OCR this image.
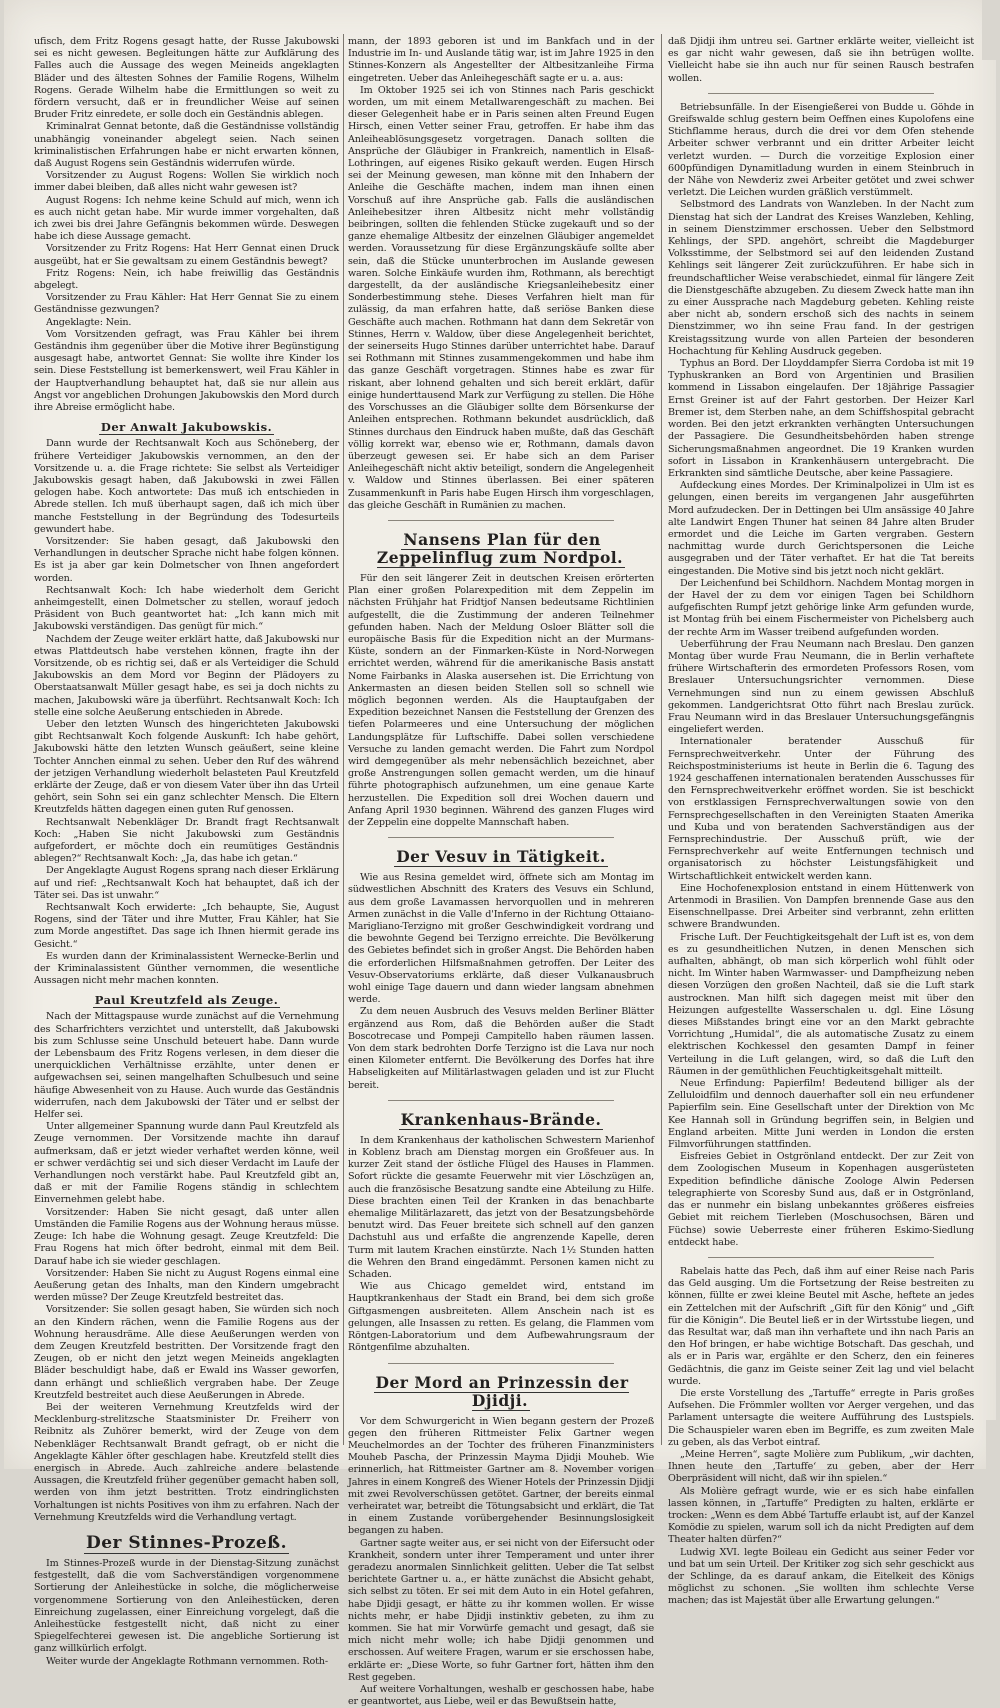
ufisch, dem Fritz Rogens gesagt hatte, der Russe Jakubowski sei es nicht gewesen. Begleitungen hätte zur Aufklärung des Falles auch die Aussage des wegen Meineids angeklagten Bläder und des ältesten Sohnes der Familie Rogens, Wilhelm Rogens. Gerade Wilhelm habe die Ermittlungen so weit zu fördern versucht, daß er in freundlicher Weise auf seinen Bruder Fritz einredete, er solle doch ein Geständnis ablegen.

Kriminalrat Gennat betonte, daß die Geständnisse vollständig unabhängig voneinander abgelegt seien. Nach seinen kriminalistischen Erfahrungen habe er nicht erwarten können, daß August Rogens sein Geständnis widerrufen würde.

Vorsitzender zu August Rogens: Wollen Sie wirklich noch immer dabei bleiben, daß alles nicht wahr gewesen ist?

August Rogens: Ich nehme keine Schuld auf mich, wenn ich es auch nicht getan habe. Mir wurde immer vorgehalten, daß ich zwei bis drei Jahre Gefängnis bekommen würde. Deswegen habe ich diese Aussage gemacht.

Vorsitzender zu Fritz Rogens: Hat Herr Gennat einen Druck ausgeübt, hat er Sie gewaltsam zu einem Geständnis bewegt?

Fritz Rogens: Nein, ich habe freiwillig das Geständnis abgelegt.

Vorsitzender zu Frau Kähler: Hat Herr Gennat Sie zu einem Geständnisse gezwungen?

Angeklagte: Nein.

Vom Vorsitzenden gefragt, was Frau Kähler bei ihrem Geständnis ihm gegenüber über die Motive ihrer Begünstigung ausgesagt habe, antwortet Gennat: Sie wollte ihre Kinder los sein. Diese Feststellung ist bemerkenswert, weil Frau Kähler in der Hauptverhandlung behauptet hat, daß sie nur allein aus Angst vor angeblichen Drohungen Jakubowskis den Mord durch ihre Abreise ermöglicht habe.

Der Anwalt Jakubowskis.

Dann wurde der Rechtsanwalt Koch aus Schöneberg, der frühere Verteidiger Jakubowskis vernommen, an den der Vorsitzende u. a. die Frage richtete: Sie selbst als Verteidiger Jakubowskis gesagt haben, daß Jakubowski in zwei Fällen gelogen habe. Koch antwortete: Das muß ich entschieden in Abrede stellen. Ich muß überhaupt sagen, daß ich mich über manche Feststellung in der Begründung des Todesurteils gewundert habe.

Vorsitzender: Sie haben gesagt, daß Jakubowski den Verhandlungen in deutscher Sprache nicht habe folgen können. Es ist ja aber gar kein Dolmetscher von Ihnen angefordert worden.

Rechtsanwalt Koch: Ich habe wiederholt dem Gericht anheimgestellt, einen Dolmetscher zu stellen, worauf jedoch Präsident von Buch geantwortet hat: „Ich kann mich mit Jakubowski verständigen. Das genügt für mich.“

Nachdem der Zeuge weiter erklärt hatte, daß Jakubowski nur etwas Plattdeutsch habe verstehen können, fragte ihn der Vorsitzende, ob es richtig sei, daß er als Verteidiger die Schuld Jakubowskis an dem Mord vor Beginn der Plädoyers zu Oberstaatsanwalt Müller gesagt habe, es sei ja doch nichts zu machen, Jakubowski wäre ja überführt. Rechtsanwalt Koch: Ich stelle eine solche Aeußerung entschieden in Abrede.

Ueber den letzten Wunsch des hingerichteten Jakubowski gibt Rechtsanwalt Koch folgende Auskunft: Ich habe gehört, Jakubowski hätte den letzten Wunsch geäußert, seine kleine Tochter Annchen einmal zu sehen. Ueber den Ruf des während der jetzigen Verhandlung wiederholt belasteten Paul Kreutzfeld erklärte der Zeuge, daß er von diesem Vater über ihn das Urteil gehört, sein Sohn sei ein ganz schlechter Mensch. Die Eltern Kreutzfelds hätten dagegen einen guten Ruf genossen.

Rechtsanwalt Nebenkläger Dr. Brandt fragt Rechtsanwalt Koch: „Haben Sie nicht Jakubowski zum Geständnis aufgefordert, er möchte doch ein reumütiges Geständnis ablegen?“ Rechtsanwalt Koch: „Ja, das habe ich getan.“

Der Angeklagte August Rogens sprang nach dieser Erklärung auf und rief: „Rechtsanwalt Koch hat behauptet, daß ich der Täter sei. Das ist unwahr.“

Rechtsanwalt Koch erwiderte: „Ich behaupte, Sie, August Rogens, sind der Täter und ihre Mutter, Frau Kähler, hat Sie zum Morde angestiftet. Das sage ich Ihnen hiermit gerade ins Gesicht.“

Es wurden dann der Kriminalassistent Wernecke-Berlin und der Kriminalassistent Günther vernommen, die wesentliche Aussagen nicht mehr machen konnten.

Paul Kreutzfeld als Zeuge.

Nach der Mittagspause wurde zunächst auf die Vernehmung des Scharfrichters verzichtet und unterstellt, daß Jakubowski bis zum Schlusse seine Unschuld beteuert habe. Dann wurde der Lebensbaum des Fritz Rogens verlesen, in dem dieser die unerquicklichen Verhältnisse erzählte, unter denen er aufgewachsen sei, seinen mangelhaften Schulbesuch und seine häufige Abwesenheit von zu Hause. Auch wurde das Geständnis widerrufen, nach dem Jakubowski der Täter und er selbst der Helfer sei.

Unter allgemeiner Spannung wurde dann Paul Kreutzfeld als Zeuge vernommen. Der Vorsitzende machte ihn darauf aufmerksam, daß er jetzt wieder verhaftet werden könne, weil er schwer verdächtig sei und sich dieser Verdacht im Laufe der Verhandlungen noch verstärkt habe. Paul Kreutzfeld gibt an, daß er mit der Familie Rogens ständig in schlechtem Einvernehmen gelebt habe.

Vorsitzender: Haben Sie nicht gesagt, daß unter allen Umständen die Familie Rogens aus der Wohnung heraus müsse. Zeuge: Ich habe die Wohnung gesagt. Zeuge Kreutzfeld: Die Frau Rogens hat mich öfter bedroht, einmal mit dem Beil. Darauf habe ich sie wieder geschlagen.

Vorsitzender: Haben Sie nicht zu August Rogens einmal eine Aeußerung getan des Inhalts, man den Kindern umgebracht werden müsse? Der Zeuge Kreutzfeld bestreitet das.

Vorsitzender: Sie sollen gesagt haben, Sie würden sich noch an den Kindern rächen, wenn die Familie Rogens aus der Wohnung herausdräme. Alle diese Aeußerungen werden von dem Zeugen Kreutzfeld bestritten. Der Vorsitzende fragt den Zeugen, ob er nicht den jetzt wegen Meineids angeklagten Bläder beschuldigt habe, daß er Ewald ins Wasser geworfen, dann erhängt und schließlich vergraben habe. Der Zeuge Kreutzfeld bestreitet auch diese Aeußerungen in Abrede.

Bei der weiteren Vernehmung Kreutzfelds wird der Mecklenburg-strelitzsche Staatsminister Dr. Freiherr von Reibnitz als Zuhörer bemerkt, wird der Zeuge von dem Nebenkläger Rechtsanwalt Brandt gefragt, ob er nicht die Angeklagte Kähler öfter geschlagen habe. Kreutzfeld stellt dies energisch in Abrede. Auch zahlreiche andere belastende Aussagen, die Kreutzfeld früher gegenüber gemacht haben soll, werden von ihm jetzt bestritten. Trotz eindringlichsten Vorhaltungen ist nichts Positives von ihm zu erfahren. Nach der Vernehmung Kreutzfelds wird die Verhandlung vertagt.

Der Stinnes-Prozeß.

Im Stinnes-Prozeß wurde in der Dienstag-Sitzung zunächst festgestellt, daß die vom Sachverständigen vorgenommene Sortierung der Anleihestücke in solche, die möglicherweise vorgenommene Sortierung von den Anleihestücken, deren Einreichung zugelassen, einer Einreichung vorgelegt, daß die Anleihestücke festgestellt nicht, daß nicht zu einer Spiegelfechterei gewesen ist. Die angebliche Sortierung ist ganz willkürlich erfolgt.

Weiter wurde der Angeklagte Rothmann vernommen. Roth-

mann, der 1893 geboren ist und im Bankfach und in der Industrie im In- und Auslande tätig war, ist im Jahre 1925 in den Stinnes-Konzern als Angestellter der Altbesitzanleihe Firma eingetreten. Ueber das Anleihegeschäft sagte er u. a. aus:

Im Oktober 1925 sei ich von Stinnes nach Paris geschickt worden, um mit einem Metallwarengeschäft zu machen. Bei dieser Gelegenheit habe er in Paris seinen alten Freund Eugen Hirsch, einen Vetter seiner Frau, getroffen. Er habe ihm das Anleiheablösungsgesetz vorgetragen. Danach sollten die Ansprüche der Gläubiger in Frankreich, namentlich in Elsaß-Lothringen, auf eigenes Risiko gekauft werden. Eugen Hirsch sei der Meinung gewesen, man könne mit den Inhabern der Anleihe die Geschäfte machen, indem man ihnen einen Vorschuß auf ihre Ansprüche gab. Falls die ausländischen Anleihebesitzer ihren Altbesitz nicht mehr vollständig beibringen, sollten die fehlenden Stücke zugekauft und so der ganze ehemalige Altbesitz der einzelnen Gläubiger angemeldet werden. Voraussetzung für diese Ergänzungskäufe sollte aber sein, daß die Stücke ununterbrochen im Auslande gewesen waren. Solche Einkäufe wurden ihm, Rothmann, als berechtigt dargestellt, da der ausländische Kriegsanleihebesitz einer Sonderbestimmung stehe. Dieses Verfahren hielt man für zulässig, da man erfahren hatte, daß seriöse Banken diese Geschäfte auch machen. Rothmann hat dann dem Sekretär von Stinnes, Herrn v. Waldow, über diese Angelegenheit berichtet, der seinerseits Hugo Stinnes darüber unterrichtet habe. Darauf sei Rothmann mit Stinnes zusammengekommen und habe ihm das ganze Geschäft vorgetragen. Stinnes habe es zwar für riskant, aber lohnend gehalten und sich bereit erklärt, dafür einige hunderttausend Mark zur Verfügung zu stellen. Die Höhe des Vorschusses an die Gläubiger sollte dem Börsenkurse der Anleihen entsprechen. Rothmann bekundet ausdrücklich, daß Stinnes durchaus den Eindruck haben mußte, daß das Geschäft völlig korrekt war, ebenso wie er, Rothmann, damals davon überzeugt gewesen sei. Er habe sich an dem Pariser Anleihegeschäft nicht aktiv beteiligt, sondern die Angelegenheit v. Waldow und Stinnes überlassen. Bei einer späteren Zusammenkunft in Paris habe Eugen Hirsch ihm vorgeschlagen, das gleiche Geschäft in Rumänien zu machen.

Nansens Plan für den Zeppelinflug zum Nordpol.

Für den seit längerer Zeit in deutschen Kreisen erörterten Plan einer großen Polarexpedition mit dem Zeppelin im nächsten Frühjahr hat Fridtjof Nansen bedeutsame Richtlinien aufgestellt, die die Zustimmung der anderen Teilnehmer gefunden haben. Nach der Meldung Osloer Blätter soll die europäische Basis für die Expedition nicht an der Murmans-Küste, sondern an der Finmarken-Küste in Nord-Norwegen errichtet werden, während für die amerikanische Basis anstatt Nome Fairbanks in Alaska ausersehen ist. Die Errichtung von Ankermasten an diesen beiden Stellen soll so schnell wie möglich begonnen werden. Als die Hauptaufgaben der Expedition bezeichnet Nansen die Feststellung der Grenzen des tiefen Polarmeeres und eine Untersuchung der möglichen Landungsplätze für Luftschiffe. Dabei sollen verschiedene Versuche zu landen gemacht werden. Die Fahrt zum Nordpol wird demgegenüber als mehr nebensächlich bezeichnet, aber große Anstrengungen sollen gemacht werden, um die hinauf führte photographisch aufzunehmen, um eine genaue Karte herzustellen. Die Expedition soll drei Wochen dauern und Anfang April 1930 beginnen. Während des ganzen Fluges wird der Zeppelin eine doppelte Mannschaft haben.

Der Vesuv in Tätigkeit.

Wie aus Resina gemeldet wird, öffnete sich am Montag im südwestlichen Abschnitt des Kraters des Vesuvs ein Schlund, aus dem große Lavamassen hervorquollen und in mehreren Armen zunächst in die Valle d'Inferno in der Richtung Ottaiano-Marigliano-Terzigno mit großer Geschwindigkeit vordrang und die bewohnte Gegend bei Terzigno erreichte. Die Bevölkerung des Gebietes befindet sich in großer Angst. Die Behörden haben die erforderlichen Hilfsmaßnahmen getroffen. Der Leiter des Vesuv-Observatoriums erklärte, daß dieser Vulkanausbruch wohl einige Tage dauern und dann wieder langsam abnehmen werde.

Zu dem neuen Ausbruch des Vesuvs melden Berliner Blätter ergänzend aus Rom, daß die Behörden außer die Stadt Boscotrecase und Pompeji Campitello haben räumen lassen. Von dem stark bedrohten Dorfe Terzigno ist die Lava nur noch einen Kilometer entfernt. Die Bevölkerung des Dorfes hat ihre Habseligkeiten auf Militärlastwagen geladen und ist zur Flucht bereit.

Krankenhaus-Brände.

In dem Krankenhaus der katholischen Schwestern Marienhof in Koblenz brach am Dienstag morgen ein Großfeuer aus. In kurzer Zeit stand der östliche Flügel des Hauses in Flammen. Sofort rückte die gesamte Feuerwehr mit vier Löschzügen an, auch die französische Besatzung sandte eine Abteilung zu Hilfe. Diese brachten einen Teil der Kranken in das benachbarte ehemalige Militärlazarett, das jetzt von der Besatzungsbehörde benutzt wird. Das Feuer breitete sich schnell auf den ganzen Dachstuhl aus und erfaßte die angrenzende Kapelle, deren Turm mit lautem Krachen einstürzte. Nach 1½ Stunden hatten die Wehren den Brand eingedämmt. Personen kamen nicht zu Schaden.

Wie aus Chicago gemeldet wird, entstand im Hauptkrankenhaus der Stadt ein Brand, bei dem sich große Giftgasmengen ausbreiteten. Allem Anschein nach ist es gelungen, alle Insassen zu retten. Es gelang, die Flammen vom Röntgen-Laboratorium und dem Aufbewahrungsraum der Röntgenfilme abzuhalten.

Der Mord an Prinzessin der Djidji.

Vor dem Schwurgericht in Wien begann gestern der Prozeß gegen den früheren Rittmeister Felix Gartner wegen Meuchelmordes an der Tochter des früheren Finanzministers Mouheb Pascha, der Prinzessin Mayma Djidji Mouheb. Wie erinnerlich, hat Rittmeister Gartner am 8. November vorigen Jahres in einem Kongreß des Wiener Hotels der Prinzessin Djidji mit zwei Revolverschüssen getötet. Gartner, der bereits einmal verheiratet war, betreibt die Tötungsabsicht und erklärt, die Tat in einem Zustande vorübergehender Besinnungslosigkeit begangen zu haben.

Gartner sagte weiter aus, er sei nicht von der Eifersucht oder Krankheit, sondern unter ihrer Temperament und unter ihrer geradezu anormalen Sinnlichkeit gelitten. Ueber die Tat selbst berichtete Gartner u. a., er hätte zunächst die Absicht gehabt, sich selbst zu töten. Er sei mit dem Auto in ein Hotel gefahren, habe Djidji gesagt, er hätte zu ihr kommen wollen. Er wisse nichts mehr, er habe Djidji instinktiv gebeten, zu ihm zu kommen. Sie hat mir Vorwürfe gemacht und gesagt, daß sie mich nicht mehr wolle; ich habe Djidji genommen und erschossen. Auf weitere Fragen, warum er sie erschossen habe, erklärte er: „Diese Worte, so fuhr Gartner fort, hätten ihm den Rest gegeben.

Auf weitere Vorhaltungen, weshalb er geschossen habe, habe er geantwortet, aus Liebe, weil er das Bewußtsein hatte,

daß Djidji ihm untreu sei. Gartner erklärte weiter, vielleicht ist es gar nicht wahr gewesen, daß sie ihn betrügen wollte. Vielleicht habe sie ihn auch nur für seinen Rausch bestrafen wollen.

Betriebsunfälle. In der Eisengießerei von Budde u. Göhde in Greifswalde schlug gestern beim Oeffnen eines Kupolofens eine Stichflamme heraus, durch die drei vor dem Ofen stehende Arbeiter schwer verbrannt und ein dritter Arbeiter leicht verletzt wurden. — Durch die vorzeitige Explosion einer 600pfündigen Dynamitladung wurden in einem Steinbruch in der Nähe von Newderiz zwei Arbeiter getötet und zwei schwer verletzt. Die Leichen wurden gräßlich verstümmelt.

Selbstmord des Landrats von Wanzleben. In der Nacht zum Dienstag hat sich der Landrat des Kreises Wanzleben, Kehling, in seinem Dienstzimmer erschossen. Ueber den Selbstmord Kehlings, der SPD. angehört, schreibt die Magdeburger Volksstimme, der Selbstmord sei auf den leidenden Zustand Kehlings seit längerer Zeit zurückzuführen. Er habe sich in freundschaftlicher Weise verabschiedet, einmal für längere Zeit die Dienstgeschäfte abzugeben. Zu diesem Zweck hatte man ihn zu einer Aussprache nach Magdeburg gebeten. Kehling reiste aber nicht ab, sondern erschoß sich des nachts in seinem Dienstzimmer, wo ihn seine Frau fand. In der gestrigen Kreistagssitzung wurde von allen Parteien der besonderen Hochachtung für Kehling Ausdruck gegeben.

Typhus an Bord. Der Lloyddampfer Sierra Cordoba ist mit 19 Typhuskranken an Bord von Argentinien und Brasilien kommend in Lissabon eingelaufen. Der 18jährige Passagier Ernst Greiner ist auf der Fahrt gestorben. Der Heizer Karl Bremer ist, dem Sterben nahe, an dem Schiffshospital gebracht worden. Bei den jetzt erkrankten verhängten Untersuchungen der Passagiere. Die Gesundheitsbehörden haben strenge Sicherungsmaßnahmen angeordnet. Die 19 Kranken wurden sofort in Lissabon in Krankenhäusern untergebracht. Die Erkrankten sind sämtliche Deutsche, aber keine Passagiere.

Aufdeckung eines Mordes. Der Kriminalpolizei in Ulm ist es gelungen, einen bereits im vergangenen Jahr ausgeführten Mord aufzudecken. Der in Dettingen bei Ulm ansässige 40 Jahre alte Landwirt Engen Thuner hat seinen 84 Jahre alten Bruder ermordet und die Leiche im Garten vergraben. Gestern nachmittag wurde durch Gerichtspersonen die Leiche ausgegraben und der Täter verhaftet. Er hat die Tat bereits eingestanden. Die Motive sind bis jetzt noch nicht geklärt.

Der Leichenfund bei Schildhorn. Nachdem Montag morgen in der Havel der zu dem vor einigen Tagen bei Schildhorn aufgefischten Rumpf jetzt gehörige linke Arm gefunden wurde, ist Montag früh bei einem Fischermeister von Pichelsberg auch der rechte Arm im Wasser treibend aufgefunden worden.

Ueberführung der Frau Neumann nach Breslau. Den ganzen Montag über wurde Frau Neumann, die in Berlin verhaftete frühere Wirtschafterin des ermordeten Professors Rosen, vom Breslauer Untersuchungsrichter vernommen. Diese Vernehmungen sind nun zu einem gewissen Abschluß gekommen. Landgerichtsrat Otto führt nach Breslau zurück. Frau Neumann wird in das Breslauer Untersuchungsgefängnis eingeliefert werden.

Internationaler beratender Ausschuß für Fernsprechweitverkehr. Unter der Führung des Reichspostministeriums ist heute in Berlin die 6. Tagung des 1924 geschaffenen internationalen beratenden Ausschusses für den Fernsprechweitverkehr eröffnet worden. Sie ist beschickt von erstklassigen Fernsprechverwaltungen sowie von den Fernsprechgesellschaften in den Vereinigten Staaten Amerika und Kuba und von beratenden Sachverständigen aus der Fernsprechindustrie. Der Ausschuß prüft, wie der Fernsprechverkehr auf weite Entfernungen technisch und organisatorisch zu höchster Leistungsfähigkeit und Wirtschaftlichkeit entwickelt werden kann.

Eine Hochofenexplosion entstand in einem Hüttenwerk von Artenmodi in Brasilien. Von Dampfen brennende Gase aus den Eisenschnellpasse. Drei Arbeiter sind verbrannt, zehn erlitten schwere Brandwunden.

Frische Luft. Der Feuchtigkeitsgehalt der Luft ist es, von dem es zu gesundheitlichen Nutzen, in denen Menschen sich aufhalten, abhängt, ob man sich körperlich wohl fühlt oder nicht. Im Winter haben Warmwasser- und Dampfheizung neben diesen Vorzügen den großen Nachteil, daß sie die Luft stark austrocknen. Man hilft sich dagegen meist mit über den Heizungen aufgestellte Wasserschalen u. dgl. Eine Lösung dieses Mißstandes bringt eine vor an den Markt gebrachte Vorrichtung „Humidal“, die als automatische Zusatz zu einem elektrischen Kochkessel den gesamten Dampf in feiner Verteilung in die Luft gelangen, wird, so daß die Luft den Räumen in der gemüthlichen Feuchtigkeitsgehalt mitteilt.

Neue Erfindung: Papierfilm! Bedeutend billiger als der Zelluloidfilm und dennoch dauerhafter soll ein neu erfundener Papierfilm sein. Eine Gesellschaft unter der Direktion von Mc Kee Hannah soll in Gründung begriffen sein, in Belgien und England arbeiten. Mitte Juni werden in London die ersten Filmvorführungen stattfinden.

Eisfreies Gebiet in Ostgrönland entdeckt. Der zur Zeit von dem Zoologischen Museum in Kopenhagen ausgerüsteten Expedition befindliche dänische Zoologe Alwin Pedersen telegraphierte von Scoresby Sund aus, daß er in Ostgrönland, das er nunmehr ein bislang unbekanntes größeres eisfreies Gebiet mit reichem Tierleben (Moschusochsen, Bären und Füchse) sowie Ueberreste einer früheren Eskimo-Siedlung entdeckt habe.

Rabelais hatte das Pech, daß ihm auf einer Reise nach Paris das Geld ausging. Um die Fortsetzung der Reise bestreiten zu können, füllte er zwei kleine Beutel mit Asche, heftete an jedes ein Zettelchen mit der Aufschrift „Gift für den König“ und „Gift für die Königin“. Die Beutel ließ er in der Wirtsstube liegen, und das Resultat war, daß man ihn verhaftete und ihn nach Paris an den Hof bringen, er habe wichtige Botschaft. Das geschah, und als er in Paris war, ergählte er den Scherz, den ein feineres Gedächtnis, die ganz im Geiste seiner Zeit lag und viel belacht wurde.

Die erste Vorstellung des „Tartuffe“ erregte in Paris großes Aufsehen. Die Frömmler wollten vor Aerger vergehen, und das Parlament untersagte die weitere Aufführung des Lustspiels. Die Schauspieler waren eben im Begriffe, es zum zweiten Male zu geben, als das Verbot eintraf.

„Meine Herren“, sagte Molière zum Publikum, „wir dachten, Ihnen heute den ‚Tartuffe‘ zu geben, aber der Herr Oberpräsident will nicht, daß wir ihn spielen.“

Als Molière gefragt wurde, wie er es sich habe einfallen lassen können, in „Tartuffe“ Predigten zu halten, erklärte er trocken: „Wenn es dem Abbé Tartuffe erlaubt ist, auf der Kanzel Komödie zu spielen, warum soll ich da nicht Predigten auf dem Theater halten dürfen?“

Ludwig XVI. legte Boileau ein Gedicht aus seiner Feder vor und bat um sein Urteil. Der Kritiker zog sich sehr geschickt aus der Schlinge, da es darauf ankam, die Eitelkeit des Königs möglichst zu schonen. „Sie wollten ihm schlechte Verse machen; das ist Majestät über alle Erwartung gelungen.“
